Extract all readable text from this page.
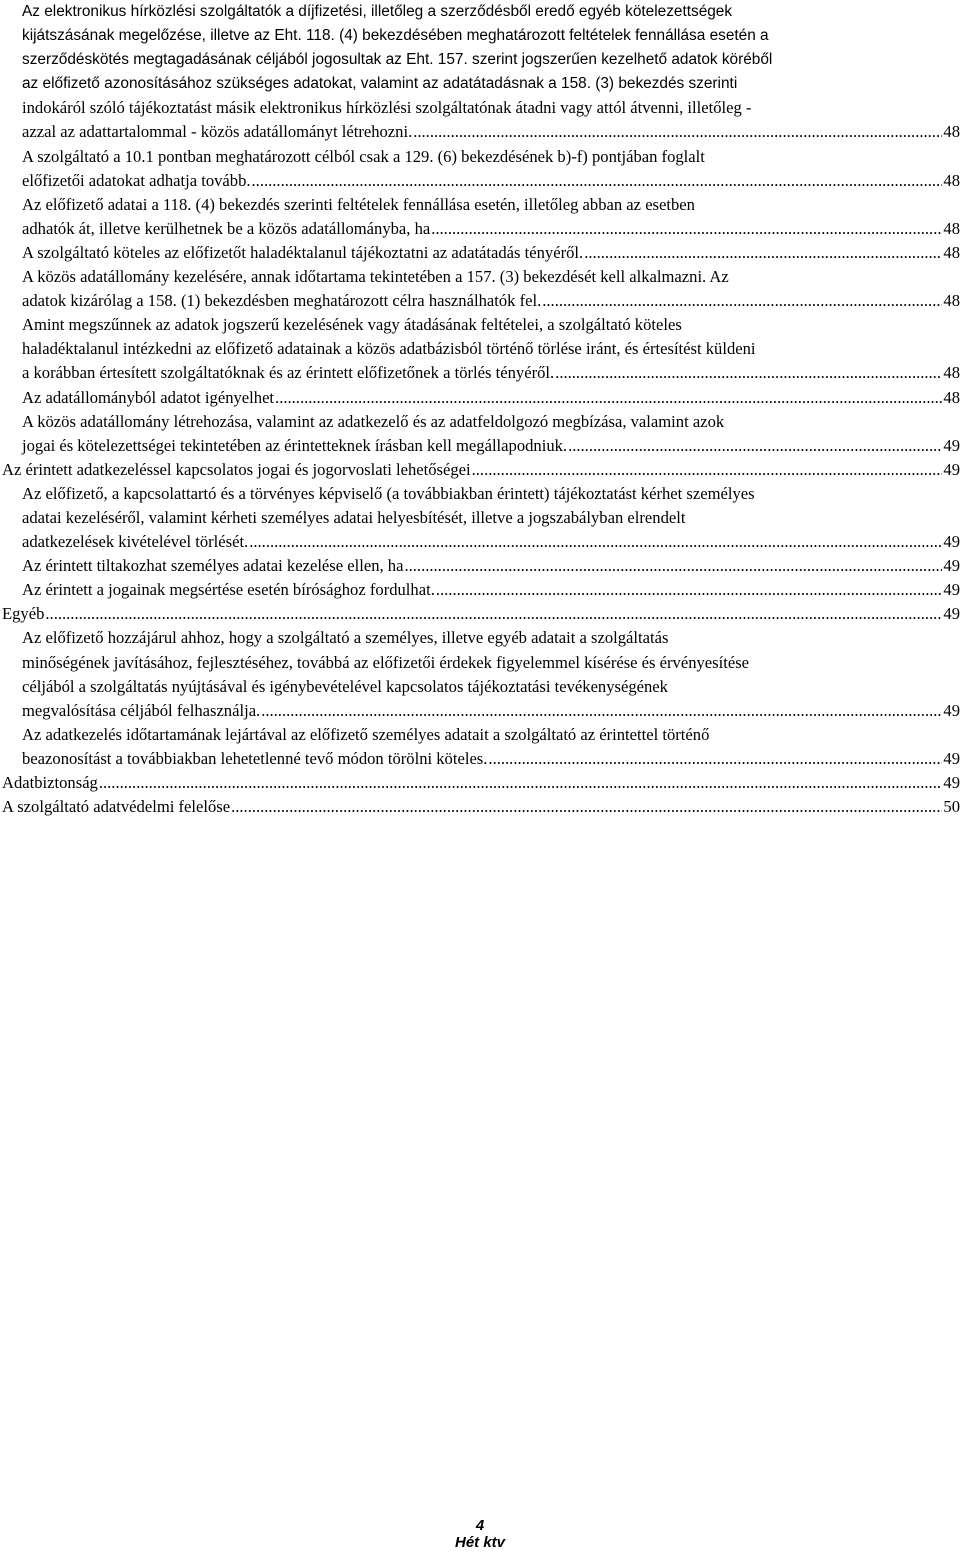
Az elektronikus hírközlési szolgáltatók a díjfizetési, illetőleg a szerződésből eredő egyéb kötelezettségek
kijátszásának megelőzése, illetve az Eht. 118. (4) bekezdésében meghatározott feltételek fennállása esetén a
szerződéskötés megtagadásának céljából jogosultak az Eht. 157. szerint jogszerűen kezelhető adatok köréből
az előfizető azonosításához szükséges adatokat, valamint az adatátadásnak a 158. (3) bekezdés szerinti
indokáról szóló tájékoztatást másik elektronikus hírközlési szolgáltatónak átadni vagy attól átvenni, illetőleg -
azzal az adattartalommal - közös adatállományt létrehozni. .....	48
A szolgáltató a 10.1 pontban meghatározott célból csak a 129. (6) bekezdésének b)-f) pontjában foglalt
előfizetői adatokat adhatja tovább. .....	48
Az előfizető adatai a 118. (4) bekezdés szerinti feltételek fennállása esetén, illetőleg abban az esetben
adhatók át, illetve kerülhetnek be a közös adatállományba, ha .....	48
A szolgáltató köteles az előfizetőt haladéktalanul tájékoztatni az adatátadás tényéről. .....	48
A közös adatállomány kezelésére, annak időtartama tekintetében a 157. (3) bekezdését kell alkalmazni. Az
adatok kizárólag a 158. (1) bekezdésben meghatározott célra használhatók fel. .....	48
Amint megszűnnek az adatok jogszerű kezelésének vagy átadásának feltételei, a szolgáltató köteles
haladéktalanul intézkedni az előfizető adatainak a közös adatbázisból történő törlése iránt, és értesítést küldeni
a korábban értesített szolgáltatóknak és az érintett előfizetőnek a törlés tényéről. .....	48
Az adatállományból adatot igényelhet .....	48
A közös adatállomány létrehozása, valamint az adatkezelő és az adatfeldolgozó megbízása, valamint azok
jogai és kötelezettségei tekintetében az érintetteknek írásban kell megállapodniuk. .....	49
Az érintett adatkezeléssel kapcsolatos jogai és jogorvoslati lehetőségei .....	49
Az előfizető, a kapcsolattartó és a törvényes képviselő (a továbbiakban érintett) tájékoztatást kérhet személyes
adatai kezeléséről, valamint kérheti személyes adatai helyesbítését, illetve a jogszabályban elrendelt
adatkezelések kivételével törlését. .....	49
Az érintett tiltakozhat személyes adatai kezelése ellen, ha .....	49
Az érintett a jogainak megsértése esetén bírósághoz fordulhat. .....	49
Egyéb .....	49
Az előfizető hozzájárul ahhoz, hogy a szolgáltató a személyes, illetve egyéb adatait a szolgáltatás
minőségének javításához, fejlesztéséhez, továbbá az előfizetői érdekek figyelemmel kísérése és érvényesítése
céljából a szolgáltatás nyújtásával és igénybevételével kapcsolatos tájékoztatási tevékenységének
megvalósítása céljából felhasználja. .....	49
Az adatkezelés időtartamának lejártával az előfizető személyes adatait a szolgáltató az érintettel történő
beazonosítást a továbbiakban lehetetlenné tevő módon törölni köteles. .....	49
Adatbiztonság .....	49
A szolgáltató adatvédelmi felelőse .....	50
4
Hét ktv
